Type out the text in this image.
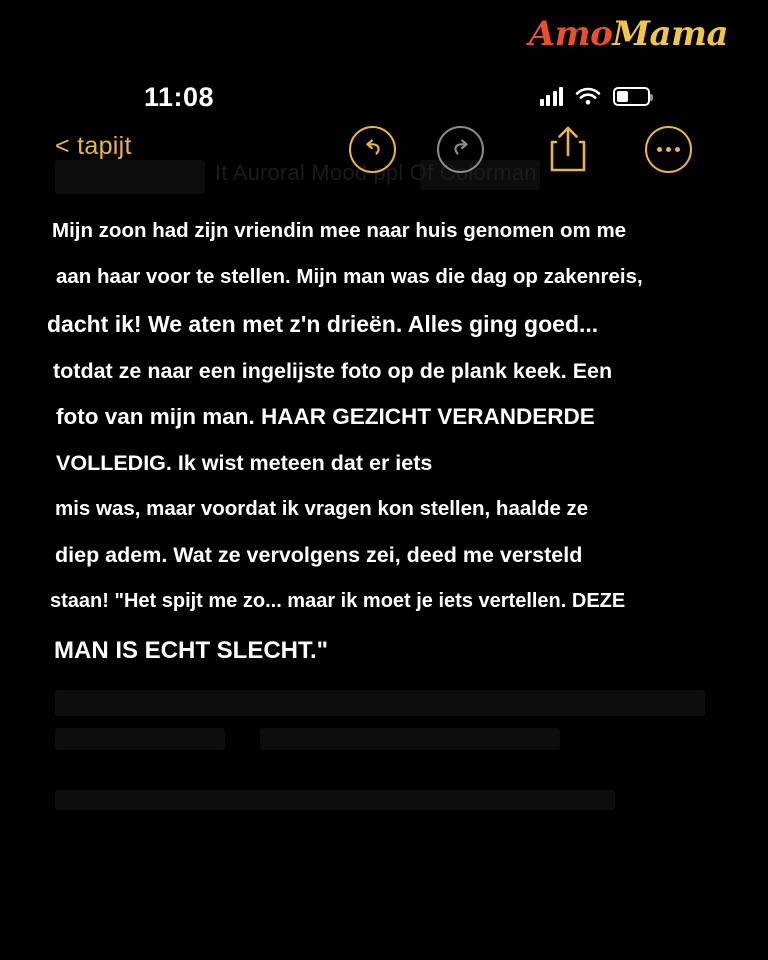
AmoMama
It Auroral Mood ppl Of Colorman
11:08
< tapijt

Mijn zoon had zijn vriendin mee naar huis genomen om me
aan haar voor te stellen. Mijn man was die dag op zakenreis,
dacht ik! We aten met z'n drieën. Alles ging goed...
totdat ze naar een ingelijste foto op de plank keek. Een
foto van mijn man. HAAR GEZICHT VERANDERDE
VOLLEDIG. Ik wist meteen dat er iets
mis was, maar voordat ik vragen kon stellen, haalde ze
diep adem. Wat ze vervolgens zei, deed me versteld
staan! "Het spijt me zo... maar ik moet je iets vertellen. DEZE
MAN IS ECHT SLECHT."
